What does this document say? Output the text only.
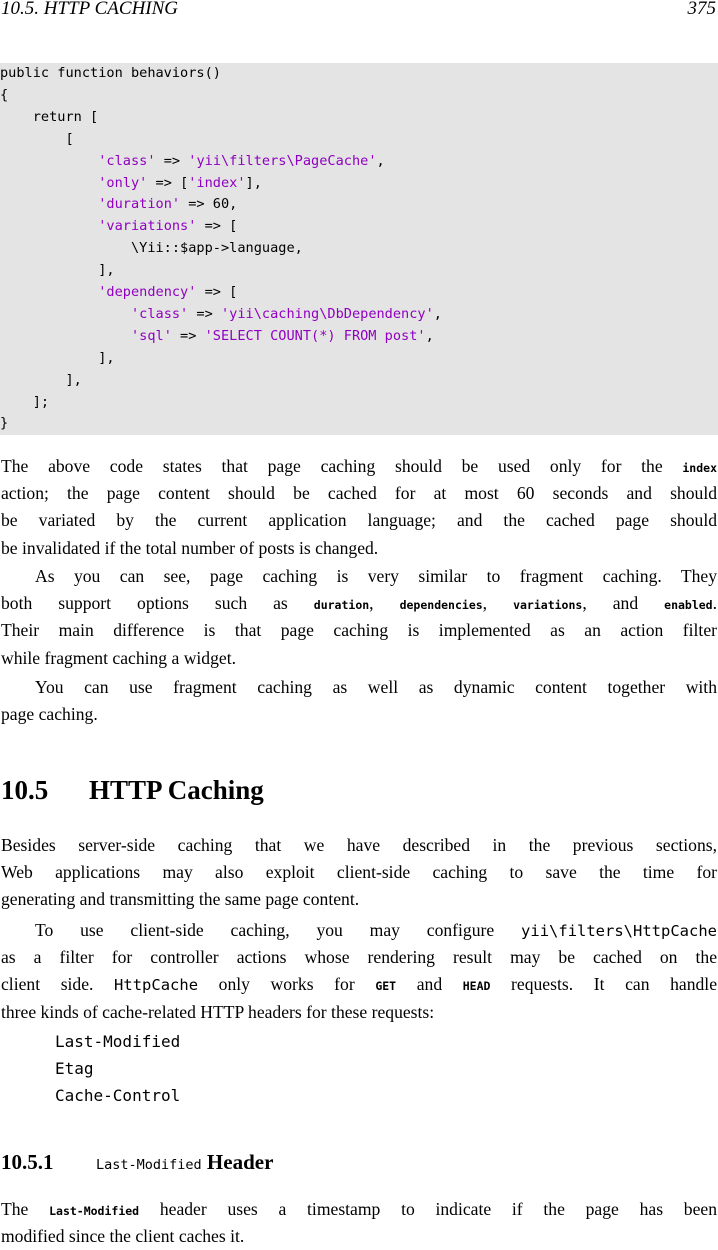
10.5. HTTP CACHING	375
public function behaviors()
{
return [
[
'class' => 'yii\filters\PageCache',
'only' => ['index'],
'duration' => 60,
'variations' => [
\Yii::$app->language,
],
'dependency' => [
'class' => 'yii\caching\DbDependency',
'sql' => 'SELECT COUNT(*) FROM post',
],
],
];
}
The above code states that page caching should be used only for the index
action; the page content should be cached for at most 60 seconds and should
be variated by the current application language; and the cached page should
be invalidated if the total number of posts is changed.
As you can see, page caching is very similar to fragment caching. They
both support options such as duration, dependencies, variations, and enabled.
Their main difference is that page caching is implemented as an action filter
while fragment caching a widget.
You can use fragment caching as well as dynamic content together with
page caching.
10.5 HTTP Caching
Besides server-side caching that we have described in the previous sections,
Web applications may also exploit client-side caching to save the time for
generating and transmitting the same page content.
To use client-side caching, you may configure yii\filters\HttpCache
as a filter for controller actions whose rendering result may be cached on the
client side. HttpCache only works for GET and HEAD requests. It can handle
three kinds of cache-related HTTP headers for these requests:
Last-Modified
Etag
Cache-Control
10.5.1	Last-Modified Header
The Last-Modified header uses a timestamp to indicate if the page has been
modified since the client caches it.
